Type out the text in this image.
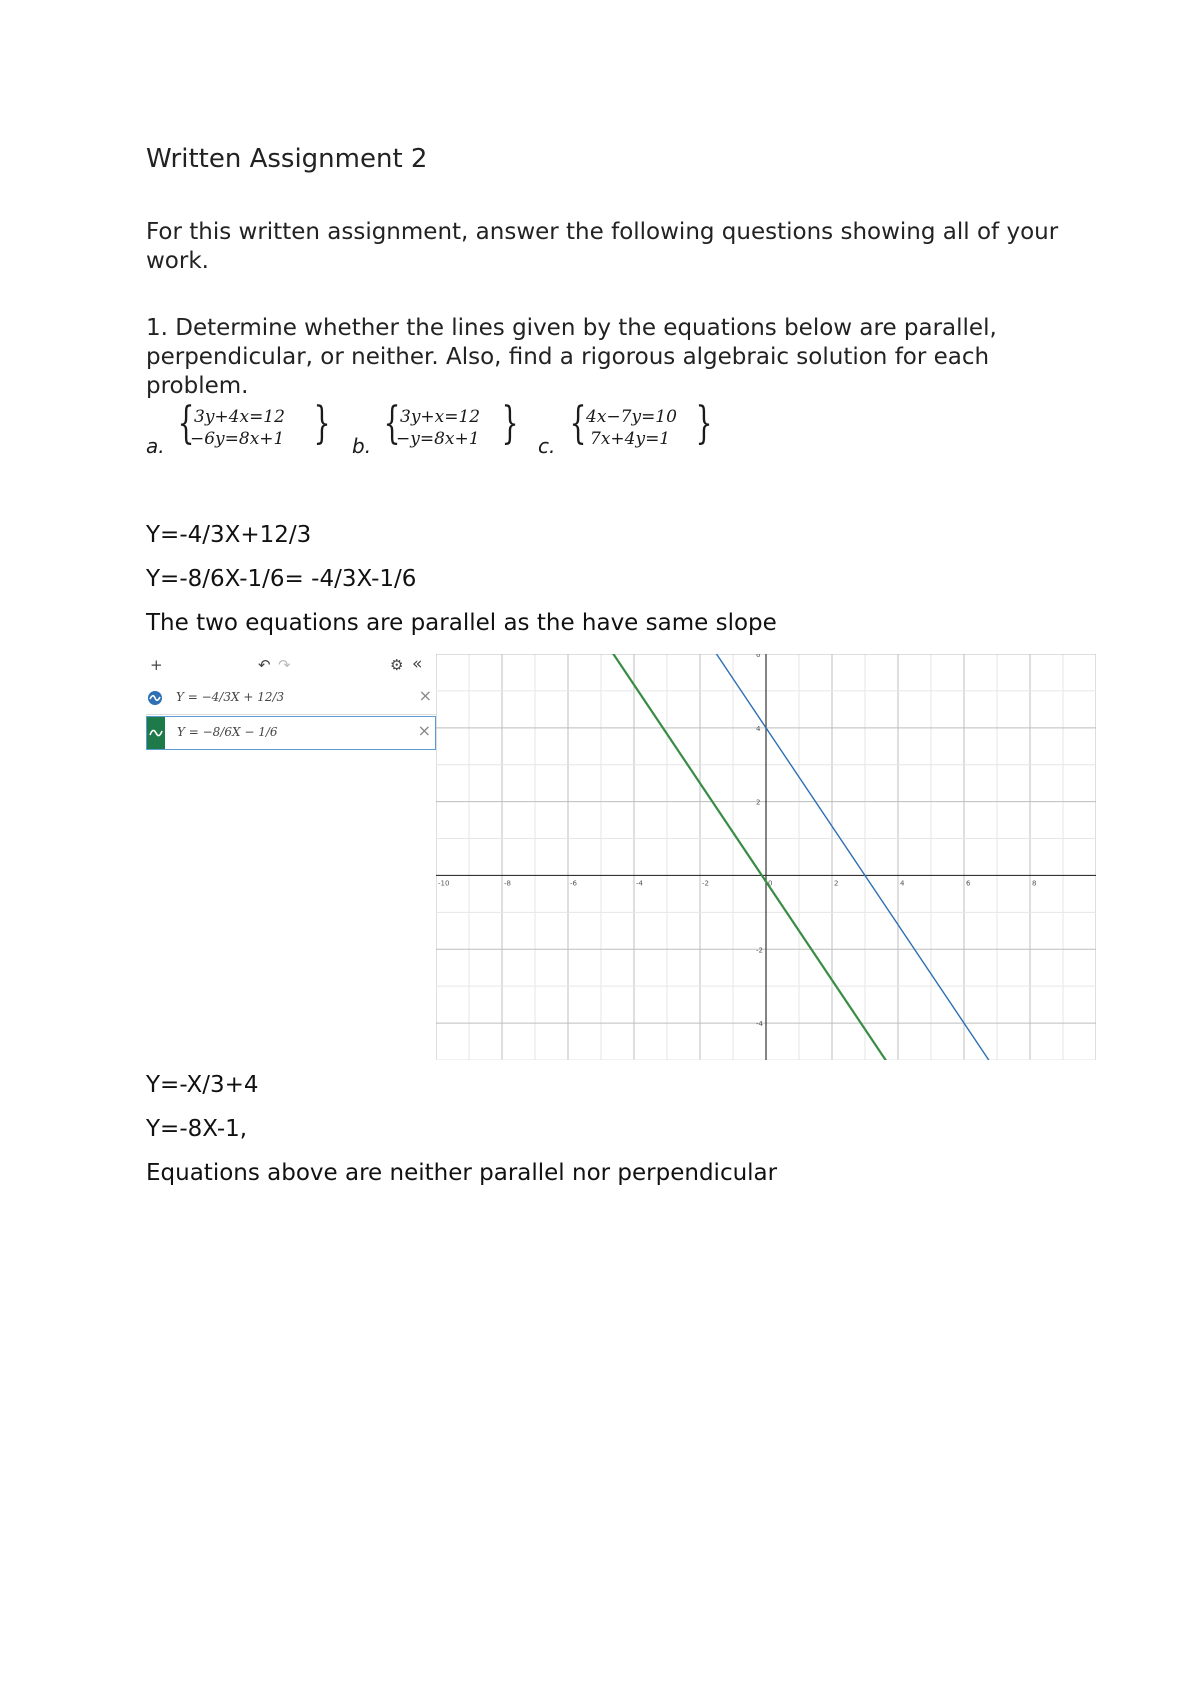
Written Assignment 2
For this written assignment, answer the following questions showing all of your work.
1. Determine whether the lines given by the equations below are parallel, perpendicular, or neither. Also, find a rigorous algebraic solution for each problem.
a. { 3y+4x=12
−6y=8x+1 } b. { 3y+x=12
−y=8x+1 } c. { 4x−7y=10
7x+4y=1 }
Y=-4/3X+12/3
Y=-8/6X-1/6= -4/3X-1/6
The two equations are parallel as the have same slope
+	↶ ↷	⚙ «
Y = −4/3X + 12/3	×
Y = −8/6X − 1/6	×
-10	-8	-6	-4	-2	0	2	4	6	8
-4
-2
2
4
6
Y=-X/3+4
Y=-8X-1,
Equations above are neither parallel nor perpendicular
